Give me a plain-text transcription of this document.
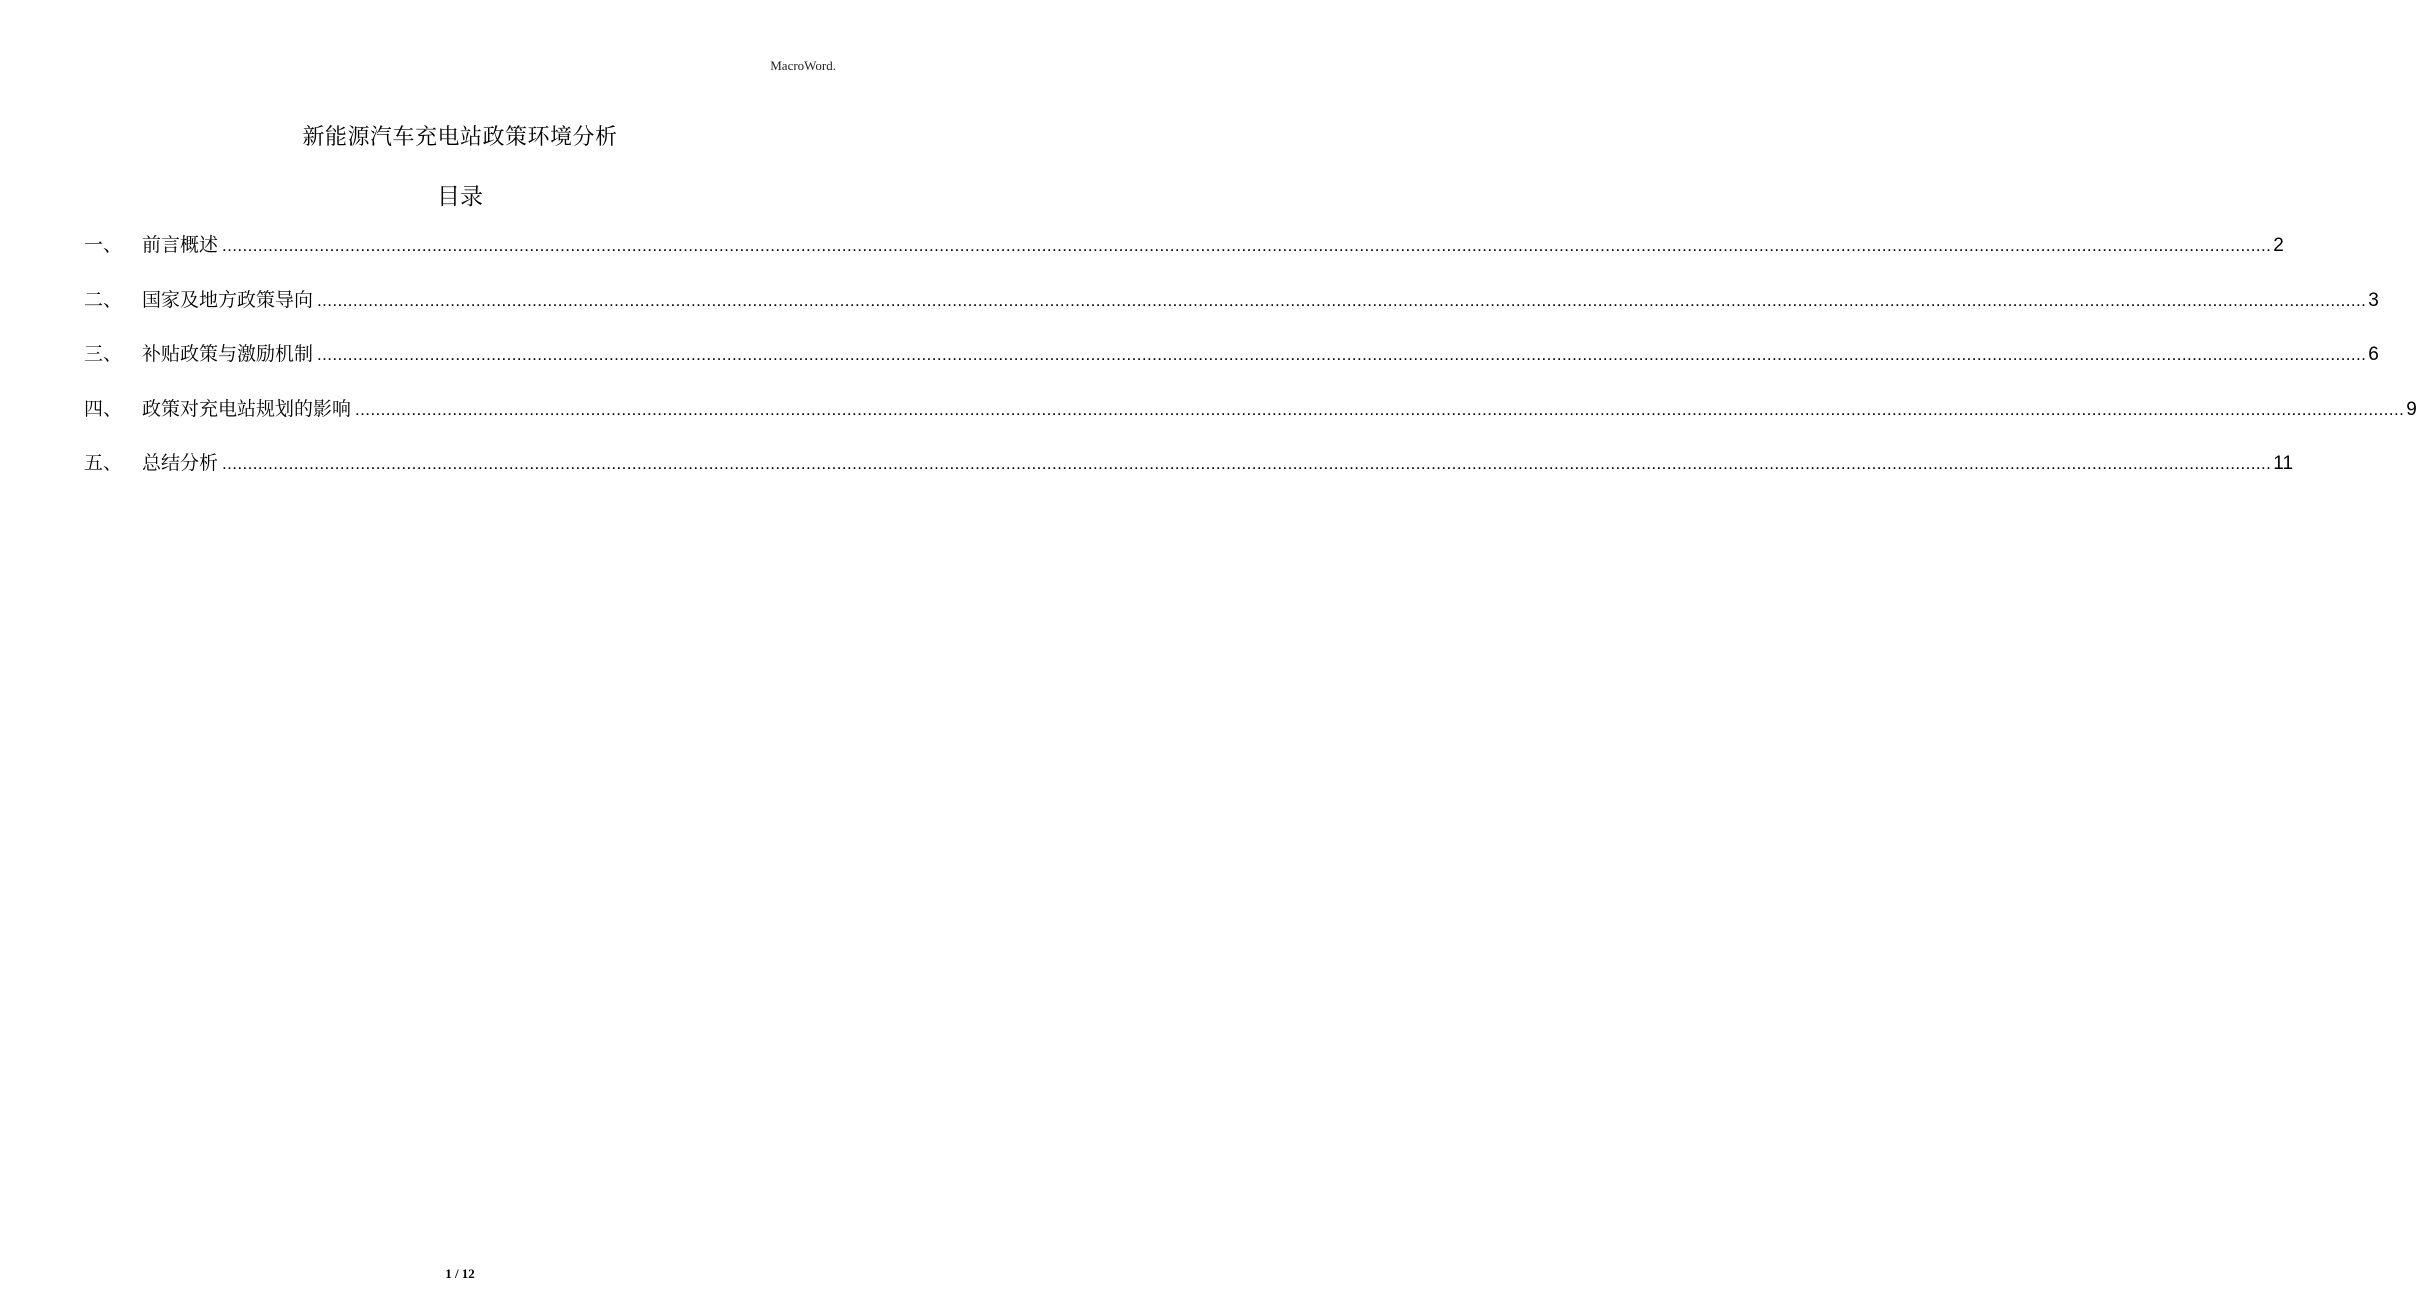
MacroWord.
新能源汽车充电站政策环境分析
目录
一、	前言概述 ................................................................................................................................................................................................................................................................................................................................................................................................................ 2
二、	国家及地方政策导向 ................................................................................................................................................................................................................................................................................................................................................................................................................ 3
三、	补贴政策与激励机制 ................................................................................................................................................................................................................................................................................................................................................................................................................ 6
四、	政策对充电站规划的影响 ................................................................................................................................................................................................................................................................................................................................................................................................................ 9
五、	总结分析 ................................................................................................................................................................................................................................................................................................................................................................................................................ 11
1 / 12
